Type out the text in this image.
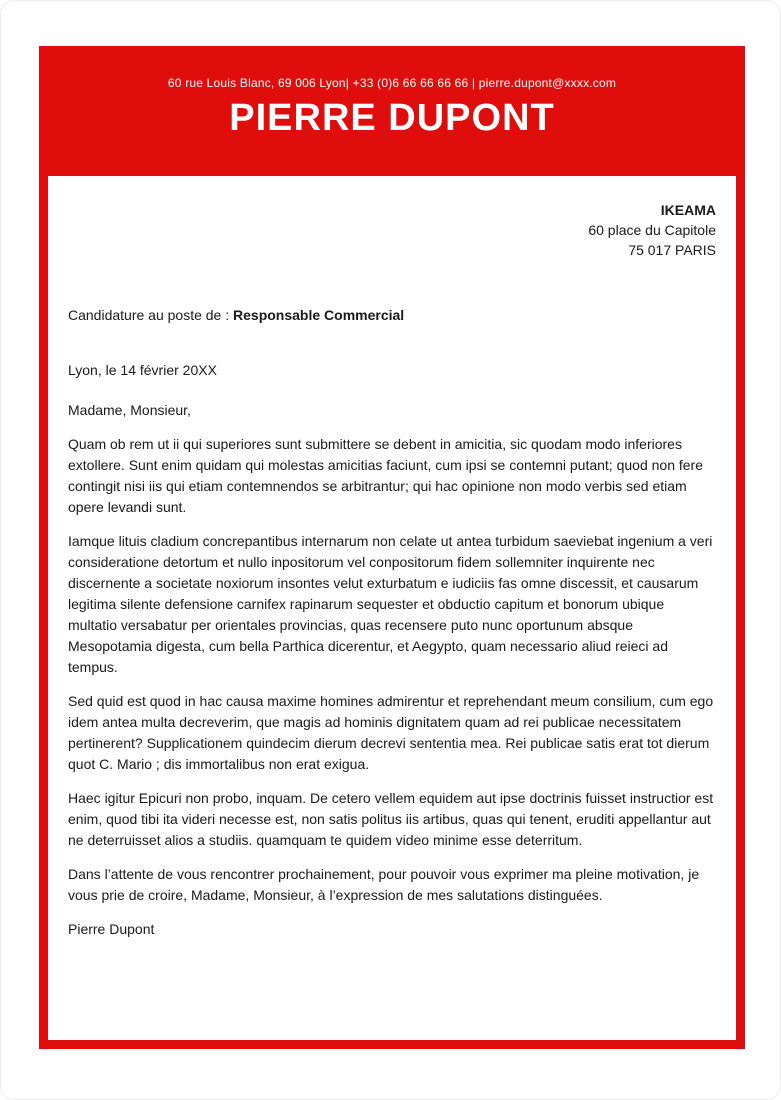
60 rue Louis Blanc, 69 006 Lyon| +33 (0)6 66 66 66 66 | pierre.dupont@xxxx.com
PIERRE DUPONT
IKEAMA
60 place du Capitole
75 017 PARIS

Candidature au poste de : Responsable Commercial

Lyon, le 14 février 20XX

Madame, Monsieur,

Quam ob rem ut ii qui superiores sunt submittere se debent in amicitia, sic quodam modo inferiores extollere. Sunt enim quidam qui molestas amicitias faciunt, cum ipsi se contemni putant; quod non fere contingit nisi iis qui etiam contemnendos se arbitrantur; qui hac opinione non modo verbis sed etiam opere levandi sunt.

Iamque lituis cladium concrepantibus internarum non celate ut antea turbidum saeviebat ingenium a veri consideratione detortum et nullo inpositorum vel conpositorum fidem sollemniter inquirente nec discernente a societate noxiorum insontes velut exturbatum e iudiciis fas omne discessit, et causarum legitima silente defensione carnifex rapinarum sequester et obductio capitum et bonorum ubique multatio versabatur per orientales provincias, quas recensere puto nunc oportunum absque Mesopotamia digesta, cum bella Parthica dicerentur, et Aegypto, quam necessario aliud reieci ad tempus.

Sed quid est quod in hac causa maxime homines admirentur et reprehendant meum consilium, cum ego idem antea multa decreverim, que magis ad hominis dignitatem quam ad rei publicae necessitatem pertinerent? Supplicationem quindecim dierum decrevi sententia mea. Rei publicae satis erat tot dierum quot C. Mario ; dis immortalibus non erat exigua.

Haec igitur Epicuri non probo, inquam. De cetero vellem equidem aut ipse doctrinis fuisset instructior est enim, quod tibi ita videri necesse est, non satis politus iis artibus, quas qui tenent, eruditi appellantur aut ne deterruisset alios a studiis. quamquam te quidem video minime esse deterritum.

Dans l’attente de vous rencontrer prochainement, pour pouvoir vous exprimer ma pleine motivation, je vous prie de croire, Madame, Monsieur, à l’expression de mes salutations distinguées.

Pierre Dupont
